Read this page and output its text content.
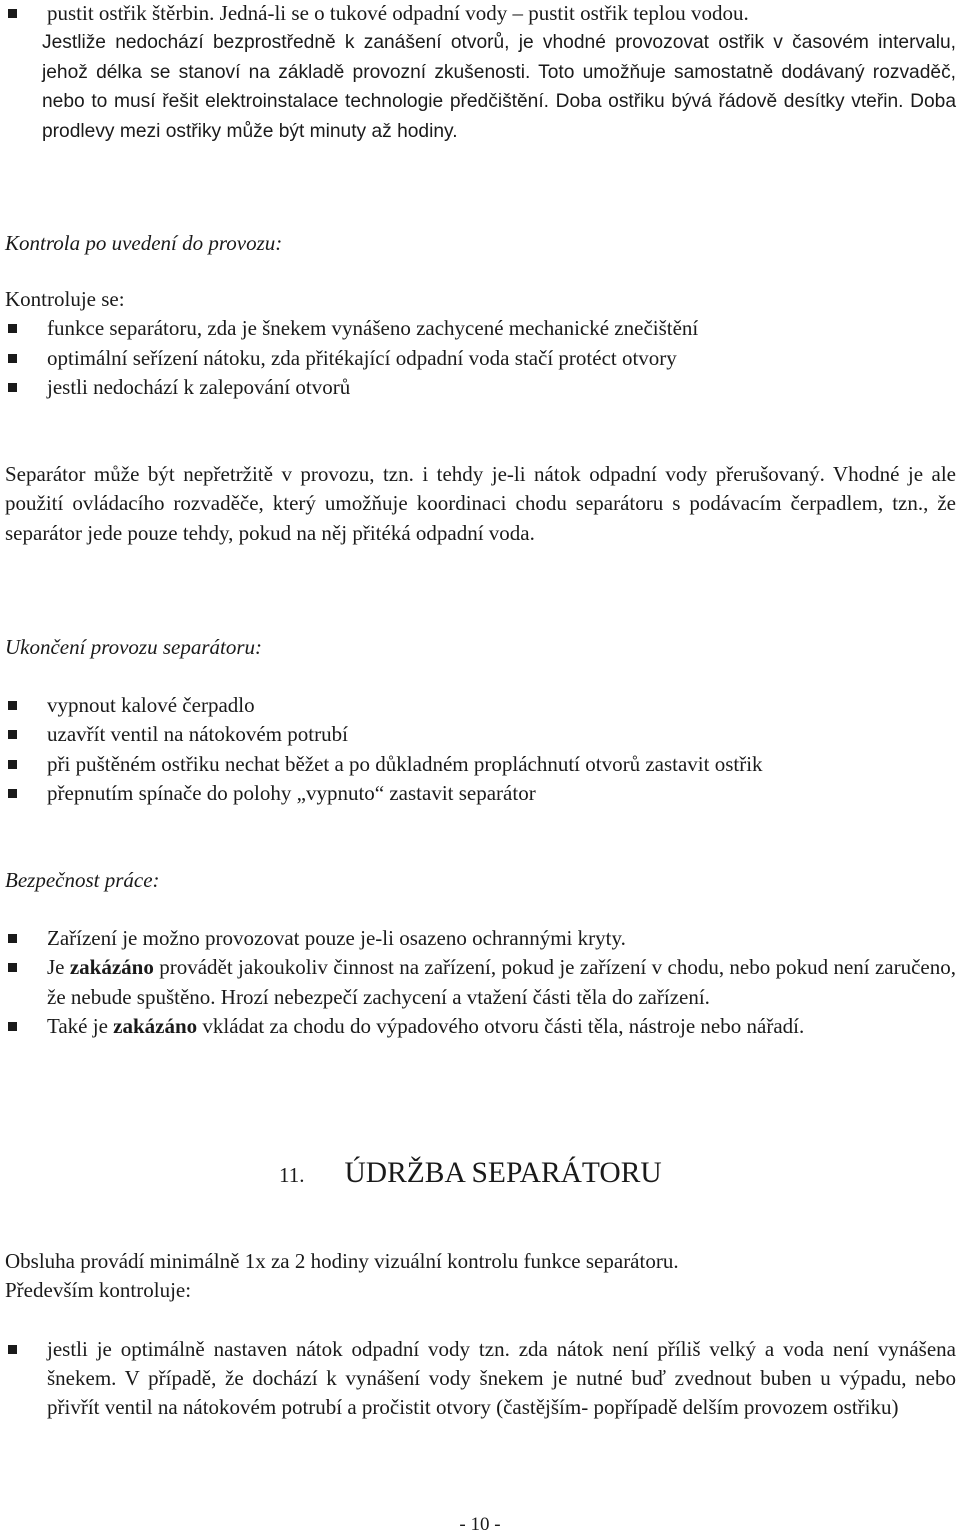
pustit ostřik štěrbin. Jedná-li se o tukové odpadní vody – pustit ostřik teplou vodou.

Jestliže nedochází bezprostředně k zanášení otvorů, je vhodné provozovat ostřik v časovém intervalu, jehož délka se stanoví na základě provozní zkušenosti. Toto umožňuje samostatně dodávaný rozvaděč, nebo to musí řešit elektroinstalace technologie předčištění. Doba ostřiku bývá řádově desítky vteřin. Doba prodlevy mezi ostřiky může být minuty až hodiny.

Kontrola po uvedení do provozu:

Kontroluje se:

funkce separátoru, zda je šnekem vynášeno zachycené mechanické znečištění
optimální seřízení nátoku, zda přitékající odpadní voda stačí protéct otvory
jestli nedochází k zalepování otvorů

Separátor může být nepřetržitě v provozu, tzn. i tehdy je-li nátok odpadní vody přerušovaný. Vhodné je ale použití ovládacího rozvaděče, který umožňuje koordinaci chodu separátoru s podávacím čerpadlem, tzn., že separátor jede pouze tehdy, pokud na něj přitéká odpadní voda.

Ukončení provozu separátoru:

vypnout kalové čerpadlo
uzavřít ventil na nátokovém potrubí
při puštěném ostřiku nechat běžet a po důkladném propláchnutí otvorů zastavit ostřik
přepnutím spínače do polohy „vypnuto“ zastavit separátor

Bezpečnost práce:

Zařízení je možno provozovat pouze je-li osazeno ochrannými kryty.
Je zakázáno provádět jakoukoliv činnost na zařízení, pokud je zařízení v chodu, nebo pokud není zaručeno, že nebude spuštěno. Hrozí nebezpečí zachycení a vtažení části těla do zařízení.
Také je zakázáno vkládat za chodu do výpadového otvoru části těla, nástroje nebo nářadí.
11. ÚDRŽBA SEPARÁTORU

Obsluha provádí minimálně 1x za 2 hodiny vizuální kontrolu funkce separátoru.

Především kontroluje:

jestli je optimálně nastaven nátok odpadní vody tzn. zda nátok není příliš velký a voda není vynášena šnekem. V případě, že dochází k vynášení vody šnekem je nutné buď zvednout buben u výpadu, nebo přivřít ventil na nátokovém potrubí a pročistit otvory (častějším- popřípadě delším provozem ostřiku)
- 10 -
